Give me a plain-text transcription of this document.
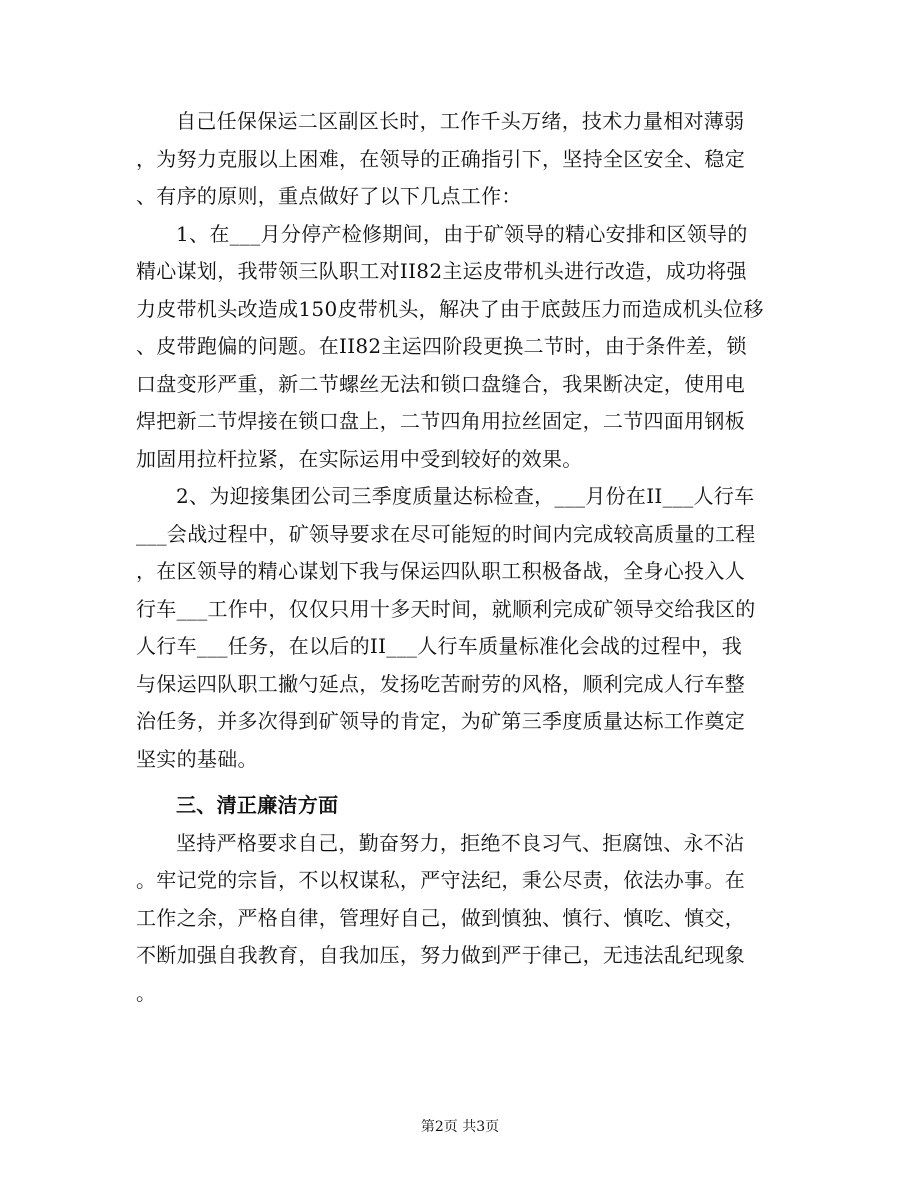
自己任保保运二区副区长时，工作千头万绪，技术力量相对薄弱
，为努力克服以上困难，在领导的正确指引下，坚持全区安全、稳定
、有序的原则，重点做好了以下几点工作：
1、在___月分停产检修期间，由于矿领导的精心安排和区领导的
精心谋划，我带领三队职工对II82主运皮带机头进行改造，成功将强
力皮带机头改造成150皮带机头，解决了由于底鼓压力而造成机头位移
、皮带跑偏的问题。在II82主运四阶段更换二节时，由于条件差，锁
口盘变形严重，新二节螺丝无法和锁口盘缝合，我果断决定，使用电
焊把新二节焊接在锁口盘上，二节四角用拉丝固定，二节四面用钢板
加固用拉杆拉紧，在实际运用中受到较好的效果。
2、为迎接集团公司三季度质量达标检查，___月份在II___人行车
___会战过程中，矿领导要求在尽可能短的时间内完成较高质量的工程
，在区领导的精心谋划下我与保运四队职工积极备战，全身心投入人
行车___工作中，仅仅只用十多天时间，就顺利完成矿领导交给我区的
人行车___任务，在以后的II___人行车质量标准化会战的过程中，我
与保运四队职工撇勺延点，发扬吃苦耐劳的风格，顺利完成人行车整
治任务，并多次得到矿领导的肯定，为矿第三季度质量达标工作奠定
坚实的基础。
三、清正廉洁方面
坚持严格要求自己，勤奋努力，拒绝不良习气、拒腐蚀、永不沾
。牢记党的宗旨，不以权谋私，严守法纪，秉公尽责，依法办事。在
工作之余，严格自律，管理好自己，做到慎独、慎行、慎吃、慎交，
不断加强自我教育，自我加压，努力做到严于律己，无违法乱纪现象
。
第2页 共3页
